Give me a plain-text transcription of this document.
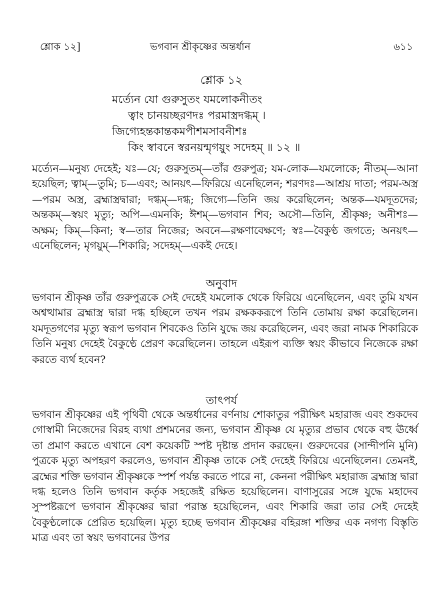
শ্লোক ১২]	ভগবান শ্রীকৃষ্ণের অন্তর্ধান	৬১১
শ্লোক ১২
মর্ত্যেন যো গুরুসুতং যমলোকনীতং
ত্বাং চানয়চ্ছরণদঃ পরমাস্ত্রদগ্ধম্ ।
জিগ্যেহন্তকান্তকমপীশমসাবনীশঃ
কিং স্বাবনে স্বরনয়ন্মৃগয়ুং সদেহম্ ॥ ১২ ॥

মর্ত্যেন—মনুষ্য দেহেই; যঃ—যে; গুরুসুতম্—তাঁর গুরুপুত্র; যম-লোক—যমলোকে; নীতম্—আনা হয়েছিল; ত্বাম্—তুমি; চ—এবং; আনয়ৎ—ফিরিয়ে এনেছিলেন; শরণদঃ—আশ্রয় দাতা; পরম-অস্ত্র—পরম অস্ত্র, ব্রহ্মাস্ত্রদ্বারা; দগ্ধম্—দগ্ধ; জিগ্যে—তিনি জয় করেছিলেন; অন্তক—যমদূতদের; অন্তকম্—স্বয়ং মৃত্যু; অপি—এমনকি; ঈশম্—ভগবান শিব; অসৌ—তিনি, শ্রীকৃষ্ণ; অনীশঃ—অক্ষম; কিম্—কিনা; স্ব—তার নিজের; অবনে—রক্ষণাবেক্ষণে; স্বঃ—বৈকুণ্ঠ জগতে; অনয়ৎ—এনেছিলেন; মৃগয়ুম্—শিকারি; সদেহম্—একই দেহে।

অনুবাদ

ভগবান শ্রীকৃষ্ণ তাঁর গুরুপুত্রকে সেই দেহেই যমলোক থেকে ফিরিয়ে এনেছিলেন, এবং তুমি যখন অশ্বত্থামার ব্রহ্মাস্ত্র দ্বারা দগ্ধ হচ্ছিলে তখন পরম রক্ষককরূপে তিনি তোমায় রক্ষা করেছিলেন। যমদূতগণের মৃত্যু স্বরূপ ভগবান শিবকেও তিনি যুদ্ধে জয় করেছিলেন, এবং জরা নামক শিকারিকে তিনি মনুষ্য দেহেই বৈকুণ্ঠে প্রেরণ করেছিলেন। তাহলে এইরূপ ব্যক্তি স্বয়ং কীভাবে নিজেকে রক্ষা করতে ব্যর্থ হবেন?

তাৎপর্য

ভগবান শ্রীকৃষ্ণের এই পৃথিবী থেকে অন্তর্ধানের বর্ণনায় শোকাতুর পরীক্ষিৎ মহারাজ এবং শুকদেব গোস্বামী নিজেদের বিরহ ব্যথা প্রশমনের জন্য, ভগবান শ্রীকৃষ্ণ যে মৃত্যুর প্রভাব থেকে বহু ঊর্ধ্বে তা প্রমাণ করতে এখানে বেশ কয়েকটি স্পষ্ট দৃষ্টান্ত প্রদান করছেন। গুরুদেবের (সান্দীপনি মুনি) পুত্রকে মৃত্যু অপহরণ করলেও, ভগবান শ্রীকৃষ্ণ তাকে সেই দেহেই ফিরিয়ে এনেছিলেন। তেমনই, ব্রহ্মের শক্তি ভগবান শ্রীকৃষ্ণকে স্পর্শ পর্যন্ত করতে পারে না, কেননা পরীক্ষিৎ মহারাজ ব্রহ্মাস্ত্র দ্বারা দগ্ধ হলেও তিনি ভগবান কর্তৃক সহজেই রক্ষিত হয়েছিলেন। বাণাসুরের সঙ্গে যুদ্ধে মহাদেব সুস্পষ্টরূপে ভগবান শ্রীকৃষ্ণের দ্বারা পরাস্ত হয়েছিলেন, এবং শিকারি জরা তার সেই দেহেই বৈকুণ্ঠলোকে প্রেরিত হয়েছিল। মৃত্যু হচ্ছে ভগবান শ্রীকৃষ্ণের বহিরঙ্গা শক্তির এক নগণ্য বিস্তৃতি মাত্র এবং তা স্বয়ং ভগবানের উপর
